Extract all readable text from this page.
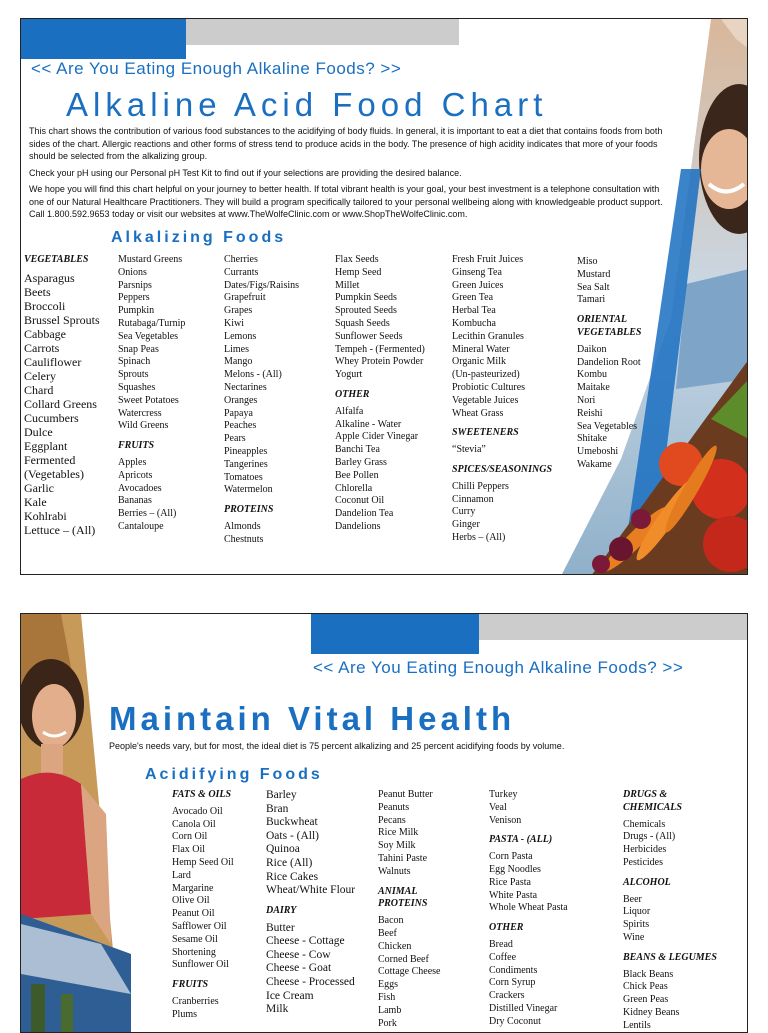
<< Are You Eating Enough Alkaline Foods? >>
Alkaline Acid Food Chart

This chart shows the contribution of various food substances to the acidifying of body fluids. In general, it is important to eat a diet that contains foods from both sides of the chart. Allergic reactions and other forms of stress tend to produce acids in the body. The presence of high acidity indicates that more of your foods should be selected from the alkalizing group.

Check your pH using our Personal pH Test Kit to find out if your selections are providing the desired balance.

We hope you will find this chart helpful on your journey to better health. If total vibrant health is your goal, your best investment is a telephone consultation with one of our Natural Healthcare Practitioners. They will build a program specifically tailored to your personal wellbeing along with knowledgeable product support. Call 1.800.592.9653 today or visit our websites at www.TheWolfeClinic.com or www.ShopTheWolfeClinic.com.

Alkalizing Foods
VEGETABLES
Asparagus
Beets
Broccoli
Brussel Sprouts
Cabbage
Carrots
Cauliflower
Celery
Chard
Collard Greens
Cucumbers
Dulce
Eggplant
Fermented
(Vegetables)
Garlic
Kale
Kohlrabi
Lettuce – (All)
Mustard Greens
Onions
Parsnips
Peppers
Pumpkin
Rutabaga/Turnip
Sea Vegetables
Snap Peas
Spinach
Sprouts
Squashes
Sweet Potatoes
Watercress
Wild Greens
FRUITS
Apples
Apricots
Avocadoes
Bananas
Berries – (All)
Cantaloupe
Cherries
Currants
Dates/Figs/Raisins
Grapefruit
Grapes
Kiwi
Lemons
Limes
Mango
Melons - (All)
Nectarines
Oranges
Papaya
Peaches
Pears
Pineapples
Tangerines
Tomatoes
Watermelon
PROTEINS
Almonds
Chestnuts
Flax Seeds
Hemp Seed
Millet
Pumpkin Seeds
Sprouted Seeds
Squash Seeds
Sunflower Seeds
Tempeh - (Fermented)
Whey Protein Powder
Yogurt
OTHER
Alfalfa
Alkaline - Water
Apple Cider Vinegar
Banchi Tea
Barley Grass
Bee Pollen
Chlorella
Coconut Oil
Dandelion Tea
Dandelions
Fresh Fruit Juices
Ginseng Tea
Green Juices
Green Tea
Herbal Tea
Kombucha
Lecithin Granules
Mineral Water
Organic Milk
(Un-pasteurized)
Probiotic Cultures
Vegetable Juices
Wheat Grass
SWEETENERS
“Stevia”
SPICES/SEASONINGS
Chilli Peppers
Cinnamon
Curry
Ginger
Herbs – (All)
Miso
Mustard
Sea Salt
Tamari
ORIENTAL VEGETABLES
Daikon
Dandelion Root
Kombu
Maitake
Nori
Reishi
Sea Vegetables
Shitake
Umeboshi
Wakame
<< Are You Eating Enough Alkaline Foods? >>
Maintain Vital Health
People's needs vary, but for most, the ideal diet is 75 percent alkalizing and 25 percent acidifying foods by volume.
Acidifying Foods
FATS & OILS
Avocado Oil
Canola Oil
Corn Oil
Flax Oil
Hemp Seed Oil
Lard
Margarine
Olive Oil
Peanut Oil
Safflower Oil
Sesame Oil
Shortening
Sunflower Oil
FRUITS
Cranberries
Plums
Barley
Bran
Buckwheat
Oats - (All)
Quinoa
Rice (All)
Rice Cakes
Wheat/White Flour
DAIRY
Butter
Cheese - Cottage
Cheese - Cow
Cheese - Goat
Cheese - Processed
Ice Cream
Milk
Peanut Butter
Peanuts
Pecans
Rice Milk
Soy Milk
Tahini Paste
Walnuts
ANIMAL PROTEINS
Bacon
Beef
Chicken
Corned Beef
Cottage Cheese
Eggs
Fish
Lamb
Pork
Turkey
Veal
Venison
PASTA - (ALL)
Corn Pasta
Egg Noodles
Rice Pasta
White Pasta
Whole Wheat Pasta
OTHER
Bread
Coffee
Condiments
Corn Syrup
Crackers
Distilled Vinegar
Dry Coconut
DRUGS & CHEMICALS
Chemicals
Drugs - (All)
Herbicides
Pesticides
ALCOHOL
Beer
Liquor
Spirits
Wine
BEANS & LEGUMES
Black Beans
Chick Peas
Green Peas
Kidney Beans
Lentils
